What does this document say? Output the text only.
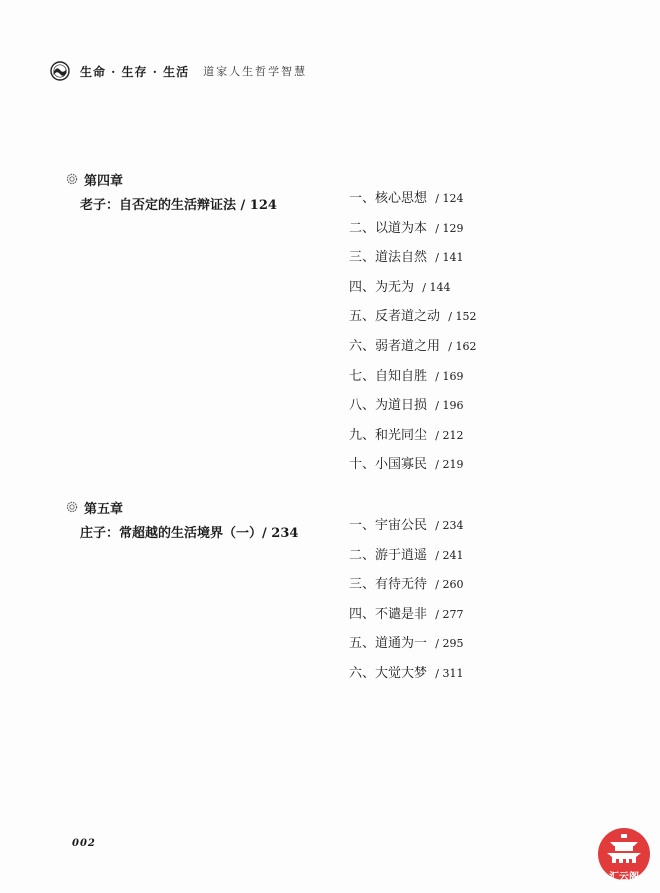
生命 · 生存 · 生活 道家人生哲学智慧
第四章
老子：自否定的生活辩证法 / 124	一、核心思想 / 124
二、以道为本 / 129
三、道法自然 / 141
四、为无为 / 144
五、反者道之动 / 152
六、弱者道之用 / 162
七、自知自胜 / 169
八、为道日损 / 196
九、和光同尘 / 212
十、小国寡民 / 219
第五章
庄子：常超越的生活境界（一）/ 234
一、宇宙公民 / 234
二、游于逍遥 / 241
三、有待无待 / 260
四、不谴是非 / 277
五、道通为一 / 295
六、大觉大梦 / 311
002
汇云阁
